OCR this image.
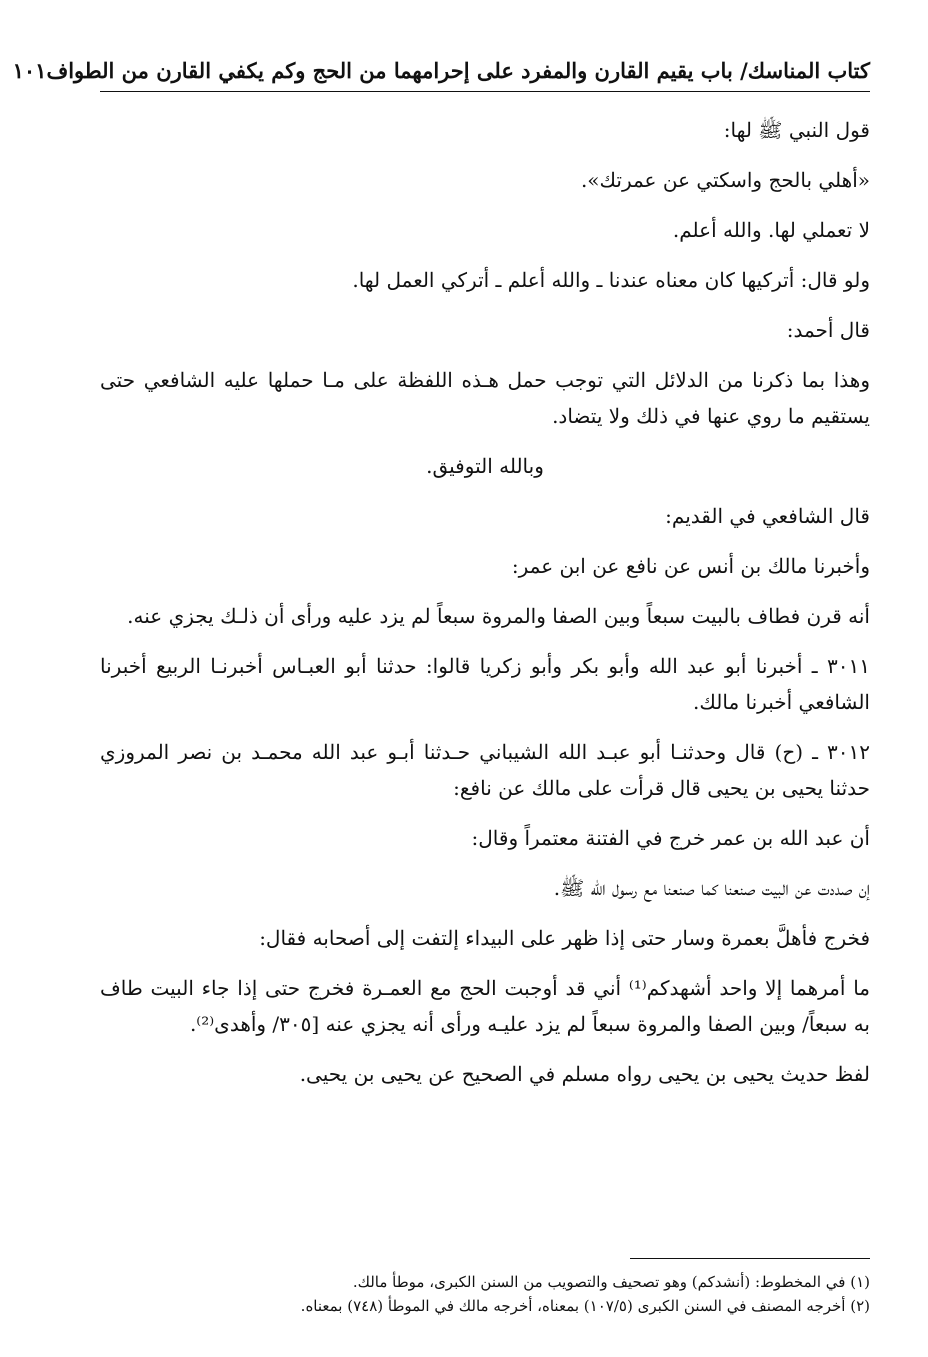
كتاب المناسك/ باب يقيم القارن والمفرد على إحرامهما من الحج وكم يكفي القارن من الطواف
١٠١

قول النبي ﷺ لها:

«أهلي بالحج واسكتي عن عمرتك».

لا تعملي لها. والله أعلم.

ولو قال: أتركيها كان معناه عندنا ـ والله أعلم ـ أتركي العمل لها.

قال أحمد:

وهذا بما ذكرنا من الدلائل التي توجب حمل هـذه اللفظة على مـا حملها عليه الشافعي حتى يستقيم ما روي عنها في ذلك ولا يتضاد.

وبالله التوفيق.

قال الشافعي في القديم:

وأخبرنا مالك بن أنس عن نافع عن ابن عمر:

أنه قرن فطاف بالبيت سبعاً وبين الصفا والمروة سبعاً لم يزد عليه ورأى أن ذلـك يجزي عنه.

٣٠١١ ـ أخبرنا أبو عبد الله وأبو بكر وأبو زكريا قالوا: حدثنا أبو العبـاس أخبرنـا الربيع أخبرنا الشافعي أخبرنا مالك.

٣٠١٢ ـ (ح) قال وحدثنـا أبو عبـد الله الشيباني حـدثنا أبـو عبد الله محمـد بن نصر المروزي حدثنا يحيى بن يحيى قال قرأت على مالك عن نافع:

أن عبد الله بن عمر خرج في الفتنة معتمراً وقال:

إن صددت عن البيت صنعنا كما صنعنا مع رسول الله ﷺ.

فخرج فأهلَّ بعمرة وسار حتى إذا ظهر على البيداء إلتفت إلى أصحابه فقال:

ما أمرهما إلا واحد أشهدكم⁽¹⁾ أني قد أوجبت الحج مع العمـرة فخرج حتى إذا جاء البيت طاف به سبعاً/ وبين الصفا والمروة سبعاً لم يزد عليـه ورأى أنه يجزي عنه [٣٠٥/ وأهدى⁽²⁾.

لفظ حديث يحيى بن يحيى رواه مسلم في الصحيح عن يحيى بن يحيى.

(١) في المخطوط: (أنشدكم) وهو تصحيف والتصويب من السنن الكبرى، موطأ مالك.

(٢) أخرجه المصنف في السنن الكبرى (١٠٧/٥) بمعناه، أخرجه مالك في الموطأ (٧٤٨) بمعناه.
